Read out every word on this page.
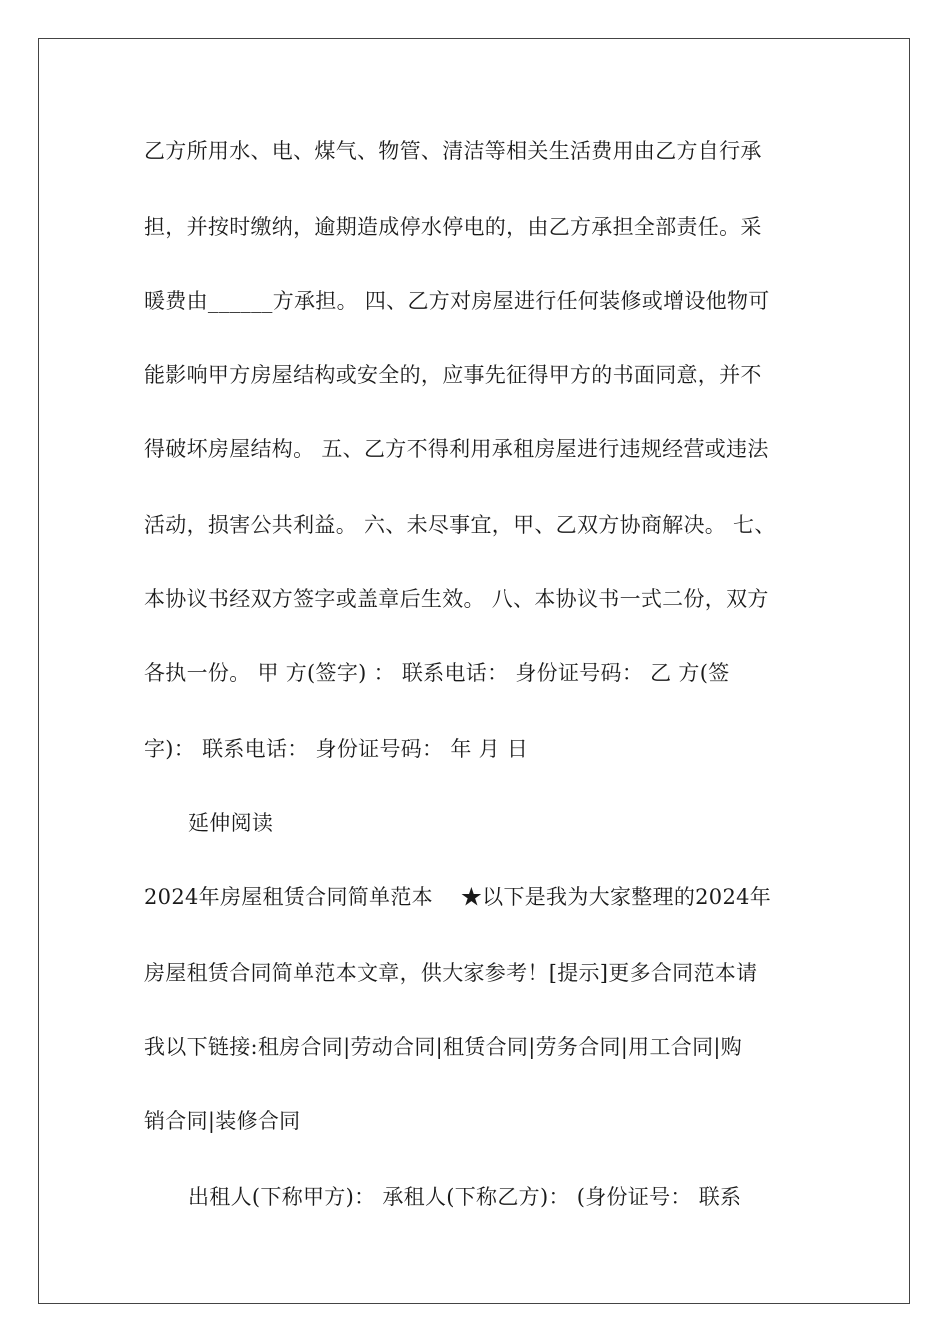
乙方所用水、电、煤气、物管、清洁等相关生活费用由乙方自行承
担，并按时缴纳，逾期造成停水停电的，由乙方承担全部责任。采
暖费由______方承担。 四、乙方对房屋进行任何装修或增设他物可
能影响甲方房屋结构或安全的，应事先征得甲方的书面同意，并不
得破坏房屋结构。 五、乙方不得利用承租房屋进行违规经营或违法
活动，损害公共利益。 六、未尽事宜，甲、乙双方协商解决。 七、
本协议书经双方签字或盖章后生效。 八、本协议书一式二份，双方
各执一份。 甲 方(签字) ： 联系电话： 身份证号码： 乙 方(签
字)： 联系电话： 身份证号码： 年 月 日
延伸阅读
2024年房屋租赁合同简单范本    ★以下是我为大家整理的2024年
房屋租赁合同简单范本文章，供大家参考！[提示]更多合同范本请
我以下链接:租房合同|劳动合同|租赁合同|劳务合同|用工合同|购
销合同|装修合同
出租人(下称甲方)： 承租人(下称乙方)： (身份证号： 联系
